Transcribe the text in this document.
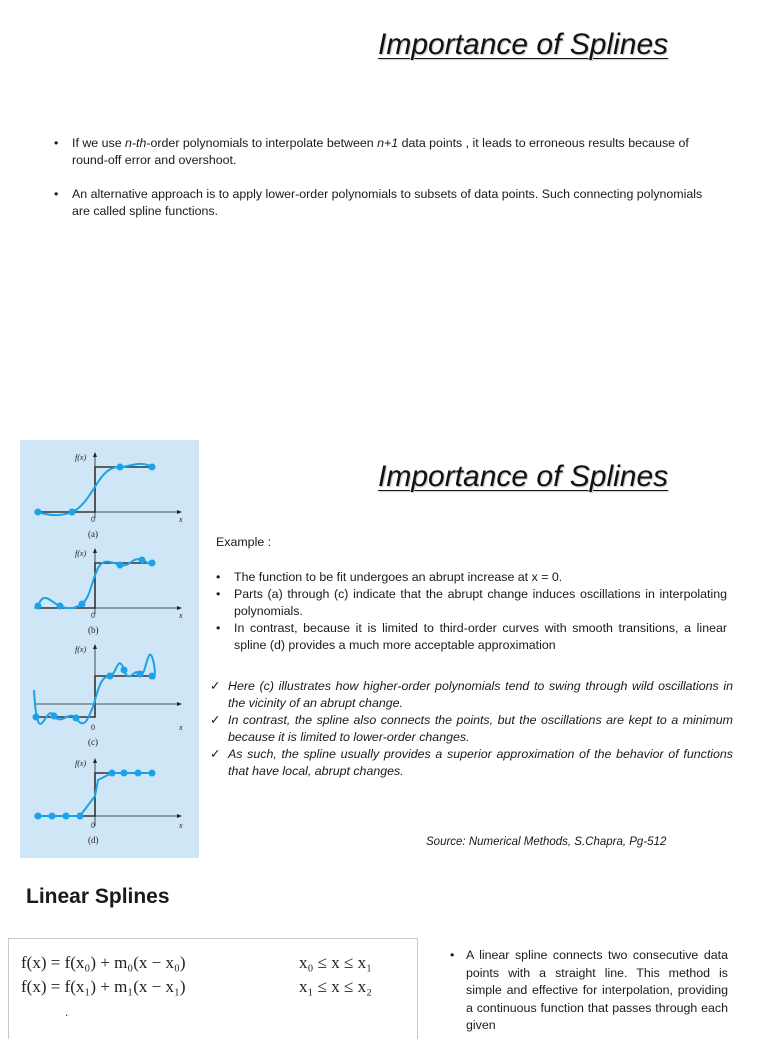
Importance of Splines
• If we use n-th-order polynomials to interpolate between n+1 data points , it leads to erroneous results because of round-off error and overshoot.
• An alternative approach is to apply lower-order polynomials to subsets of data points. Such connecting polynomials are called spline functions.
f(x)
0	x
(a)
f(x)
0	x
(b)
f(x)
0	x
(c)
f(x)
0	x
(d)
Importance of Splines
Example :
• The function to be fit undergoes an abrupt increase at x = 0.
• Parts (a) through (c) indicate that the abrupt change induces oscillations in interpolating polynomials.
• In contrast, because it is limited to third-order curves with smooth transitions, a linear spline (d) provides a much more acceptable approximation
✓ Here (c) illustrates how higher-order polynomials tend to swing through wild oscillations in the vicinity of an abrupt change.
✓ In contrast, the spline also connects the points, but the oscillations are kept to a minimum because it is limited to lower-order changes.
✓ As such, the spline usually provides a superior approximation of the behavior of functions that have local, abrupt changes.
Source: Numerical Methods, S.Chapra, Pg-512
Linear Splines
f(x) = f(x₀) + m₀(x − x₀)	x₀ ≤ x ≤ x₁
f(x) = f(x₁) + m₁(x − x₁)	x₁ ≤ x ≤ x₂
.
• A linear spline connects two consecutive data points with a straight line. This method is simple and effective for interpolation, providing a continuous function that passes through each given
